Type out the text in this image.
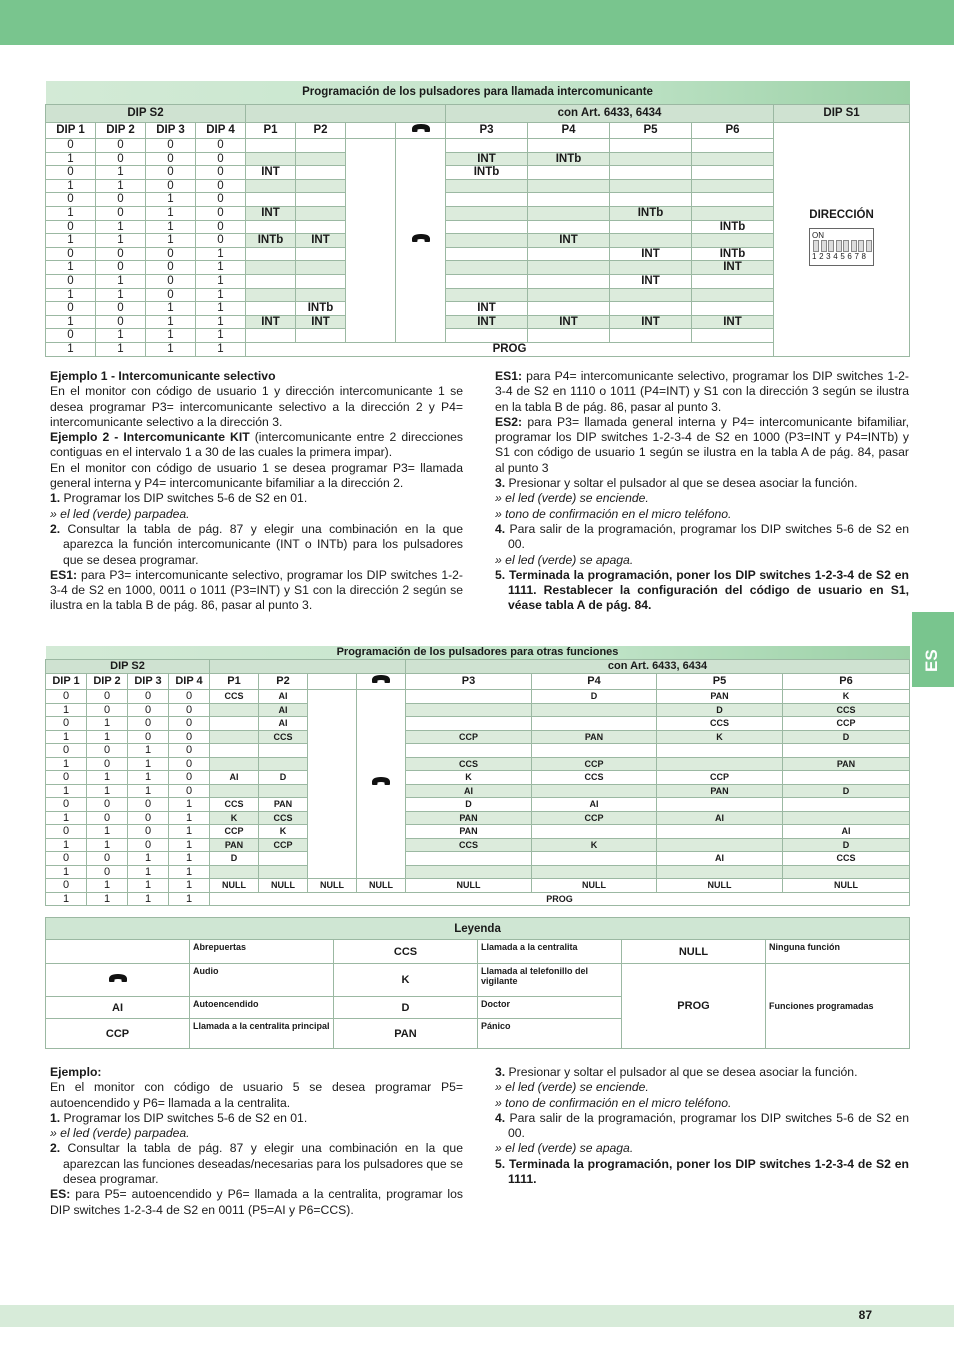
ES
Programación de los pulsadores para llamada intercomunicante												
DIP S2								con Art. 6433, 6434				DIP S1
DIP 1	DIP 2	DIP 3	DIP 4	P1	P2			P3	P4	P5	P6	DIRECCIÓN
ON
1 2 3 4 5 6 7 8

0	0	0	0								
1	0	0	0					INT	INTb			
0	1	0	0	INT				INTb				
1	1	0	0									
0	0	1	0									
1	0	1	0	INT						INTb		
0	1	1	0								INTb	
1	1	1	0	INTb	INT				INT			
0	0	0	1							INT	INTb	
1	0	0	1								INT	
0	1	0	1							INT		
1	1	0	1									
0	0	1	1		INTb			INT				
1	0	1	1	INT	INT			INT	INT	INT	INT	
0	1	1	1									
1	1	1	1	PROG								

Ejemplo 1 - Intercomunicante selectivo

En el monitor con código de usuario 1 y dirección intercomunicante 1 se desea programar P3= intercomunicante selectivo a la dirección 2 y P4= intercomunicante selectivo a la dirección 3.

Ejemplo 2 - Intercomunicante KIT (intercomunicante entre 2 direcciones contiguas en el intervalo 1 a 30 de las cuales la primera impar).

En el monitor con código de usuario 1 se desea programar P3= llamada general interna y P4= intercomunicante bifamiliar a la dirección 2.

1. Programar los DIP switches 5-6 de S2 en 01.

» el led (verde) parpadea.

2. Consultar la tabla de pág. 87 y elegir una combinación en la que aparezca la función intercomunicante (INT o INTb) para los pulsadores que se desea programar.

ES1: para P3= intercomunicante selectivo, programar los DIP switches 1-2-3-4 de S2 en 1000, 0011 o 1011 (P3=INT) y S1 con la dirección 2 según se ilustra en la tabla B de pág. 86, pasar al punto 3.

ES1: para P4= intercomunicante selectivo, programar los DIP switches 1-2-3-4 de S2 en 1110 o 1011 (P4=INT) y S1 con la dirección 3 según se ilustra en la tabla B de pág. 86, pasar al punto 3.

ES2: para P3= llamada general interna y P4= intercomunicante bifamiliar, programar los DIP switches 1-2-3-4 de S2 en 1000 (P3=INT y P4=INTb) y S1 con código de usuario 1 según se ilustra en la tabla A de pág. 84, pasar al punto 3

3. Presionar y soltar el pulsador al que se desea asociar la función.

» el led (verde) se enciende.

» tono de confirmación en el micro teléfono.

4. Para salir de la programación, programar los DIP switches 5-6 de S2 en 00.

» el led (verde) se apaga.

5. Terminada la programación, poner los DIP switches 1-2-3-4 de S2 en 1111. Restablecer la configuración del código de usuario en S1, véase tabla A de pág. 84.

Programación de los pulsadores para otras funciones											
DIP S2								con Art. 6433, 6434			
DIP 1	DIP 2	DIP 3	DIP 4	P1	P2			P3	P4	P5	P6
0	0	0	0	CCS	AI				D	PAN	K
1	0	0	0		AI					D	CCS
0	1	0	0		AI					CCS	CCP
1	1	0	0		CCS			CCP	PAN	K	D
0	0	1	0								
1	0	1	0					CCS	CCP		PAN
0	1	1	0	AI	D			K	CCS	CCP	
1	1	1	0					AI		PAN	D
0	0	0	1	CCS	PAN			D	AI		
1	0	0	1	K	CCS			PAN	CCP	AI	
0	1	0	1	CCP	K			PAN			AI
1	1	0	1	PAN	CCP			CCS	K		D
0	0	1	1	D						AI	CCS
1	0	1	1								
0	1	1	1	NULL	NULL	NULL	NULL	NULL	NULL	NULL	NULL
1	1	1	1	PROG							
Leyenda					
	Abrepuertas	CCS	Llamada a la centralita	NULL	Ninguna función
	Audio	K	Llamada al telefonillo del vigilante	PROG	Funciones programadas
AI	Autoencendido	D	Doctor		
CCP	Llamada a la centralita principal	PAN	Pánico		

Ejemplo:

En el monitor con código de usuario 5 se desea programar P5= autoencendido y P6= llamada a la centralita.

1. Programar los DIP switches 5-6 de S2 en 01.

» el led (verde) parpadea.

2. Consultar la tabla de pág. 87 y elegir una combinación en la que aparezcan las funciones deseadas/necesarias para los pulsadores que se desea programar.

ES: para P5= autoencendido y P6= llamada a la centralita, programar los DIP switches 1-2-3-4 de S2 en 0011 (P5=AI y P6=CCS).

3. Presionar y soltar el pulsador al que se desea asociar la función.

» el led (verde) se enciende.

» tono de confirmación en el micro teléfono.

4. Para salir de la programación, programar los DIP switches 5-6 de S2 en 00.

» el led (verde) se apaga.

5. Terminada la programación, poner los DIP switches 1-2-3-4 de S2 en 1111.

87
